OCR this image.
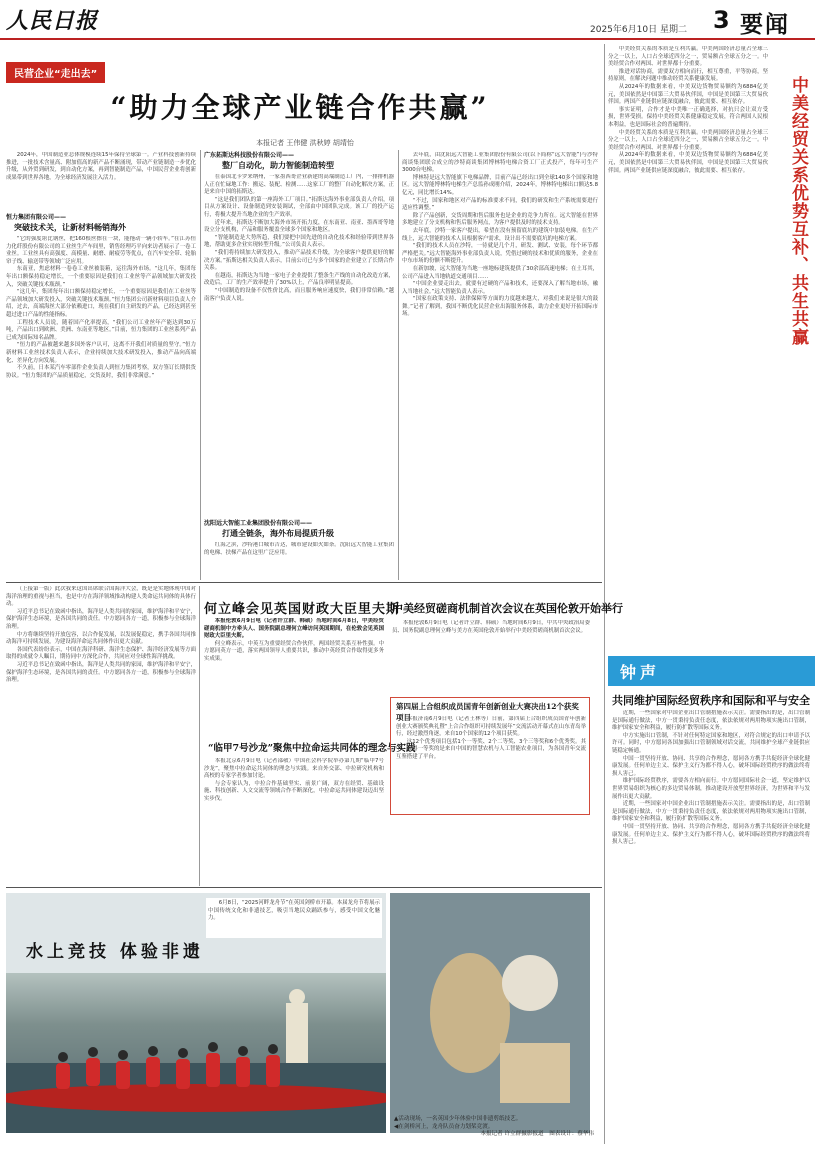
人民日报	2025年6月10日 星期二 3 要闻
民营企业“走出去”
“助力全球产业链合作共赢”
本报记者 王伟健 洪秋婷 胡靖怡

2024年，中国制造业总体规模连续15年保持全球第一。产业科技创新持续推进，一批技术含量高、附加值高的新产品不断涌现，带动产业链制造一步优化升级，从外贸到研发，到自动化方案，再到智能制造产品，中国民营企业将创新成果带到世界各地，为全球经济发展注入活力。

恒力集团有限公司——
突破技术关，让新材料畅销海外

“它的强度堪比钢丝，把160根丝擦在一块，能拖动一辆小轿车。”在江苏恒力化纤股份有限公司的工业丝生产车间里，销售经理巧平向来访者展示了一卷工业丝。工业丝具有高强度、高模量、耐磨、耐疲劳等优点，在汽车安全带、轮胎帘子线、输送带等领域广泛应用。

东南亚，焦虑材料一卷卷工业丝被装箱，运往海外市场。“这几年，集团每年出口额保持稳定增长，一个重要原因是我们在工业丝等产品领域加大研发投入，突破关键技术瓶颈。”

“这几年，集团每年出口额保持稳定增长，一个重要原因是我们在工业丝等产品领域加大研发投入，突破关键技术瓶颈。”恒力集团公司新材料项目负责人介绍，过去，高端海丝大部分依赖进口，现在我们自主研发的产品，已经达到甚至超过进口产品的性能指标。

工程技术人员说，随着国产化率提高，“我们公司工业丝年产能达到30万吨，产品出口到欧洲、美洲、东南亚等地区。”目前，恒力集团的工业丝系列产品已成为国际知名品牌。

“恒力的产品被越来越多国外客户认可，这离不开我们对质量的坚守。”恒力新材料工业丝技术负责人表示，企业持续加大技术研发投入，推动产品向高端化、差异化方向发展。

不久前，日本某汽车零部件企业负责人到恒力集团考察，双方签订长期供货协议。“恒力集团的产品质量稳定，交货及时，我们非常满意。”

广东拓斯达科技股份有限公司——
整厂自动化，助力智能制造转型

在泰国北卡罗来纳州，一家墨西哥企业新建的高端制造工厂内，一排排机器人正在忙碌地工作：搬运、装配、检测……这家工厂的整厂自动化解决方案，正是来自中国的拓斯达。

“这是我们团队的第一座海外工厂项目。”拓斯达海外事业部负责人介绍，项目从方案设计、设备制造到安装调试，全部由中国团队完成。该工厂的投产运行，将极大提升当地企业的生产效率。

近年来，拓斯达不断加大海外市场开拓力度，在东南亚、南亚、墨西哥等地设立分支机构，产品和服务覆盖全球多个国家和地区。

“智能制造是大势所趋，我们要把中国先进的自动化技术和经验带到世界各地，帮助更多企业实现转型升级。”公司负责人表示。

“我们将持续加大研发投入，推动产品技术升级，为全球客户提供更好的解决方案。”拓斯达相关负责人表示，目前公司已与多个国家的企业建立了长期合作关系。

在越南，拓斯达为当地一家电子企业提供了整条生产线的自动化改造方案，改造后，工厂的生产效率提升了30%以上，产品良率明显提高。

“中国制造的设备不仅性价比高，而且服务响应速度快，我们非常信赖。”越南客户负责人说。

沈阳远大智能工业集团股份有限公司——
打通全链条，海外布局提质升级

红海之滨，沙特港口城市吉达，城市建设如火如荼。沈阳远大智能工业集团的电梯、扶梯产品在这里广泛应用。

去年底，由沈阳远大智能工业集团股份有限公司(以下简称“远大智能”)与沙特商谈集团联合成立的沙特商谈集团博林特电梯合资工厂正式投产，每年可生产3000台电梯。

博林特是远大智能旗下电梯品牌，目前产品已经出口到全球140多个国家和地区。远大智能博林特电梯生产总监孙成刚介绍，2024年，博林特电梯出口额达5.8亿元，同比增长14%。

“不过，国家和地区对产品的标准要求不同，我们的研发和生产系统需要进行适应性调整。”

除了产品创新，交货周期和售后服务也是企业的竞争力所在。远大智能在世界多地建立了分支机构和售后服务网点，为客户提供及时的技术支持。

去年底，沙特一家客户提出，希望在没有预留底坑的建筑中加装电梯。在生产线上，远大智能的技术人员根据客户需求，设计出不需要底坑的电梯方案。

“我们的技术人员在沙特，一待就是几个月，研发、测试、安装，每个环节都严格把关。”远大智能海外事业部负责人说，凭借过硬的技术和优质的服务，企业在中东市场的份额不断提升。

在新加坡，远大智能为当地一座地标建筑提供了30余部高速电梯；在土耳其，公司产品进入当地轨道交通项目……

“中国企业要走出去，就要有过硬的产品和技术，还要深入了解当地市场，融入当地社会。”远大智能负责人表示。

“国家在政策支持、法律保障等方面的力度越来越大，对我们来说是很大的鼓舞。”记者了解到，我国不断优化民营企业出海服务体系，助力企业更好开拓国际市场。

中美经贸关系的本质是互利共赢。中美两国经济总量占全球三分之一以上，人口占全球近四分之一，贸易额占全球五分之一。中美经贸合作对两国、对世界都十分重要。

推进对话协商，需要双方相向而行，相互尊重，平等协商，坚持原则，在解决问题中推动经贸关系健康发展。

从2024年的数据来看，中美双边货物贸易额约为6884亿美元，美国依然是中国第三大贸易伙伴国，中国是美国第三大贸易伙伴国。两国产业链供应链深度融合，彼此需要、相互依存。

事实证明，合作才是中美唯一正确选择，对抗只会让双方受损，世界受损。保持中美经贸关系健康稳定发展，符合两国人民根本利益，也是国际社会的普遍期待。

中美经贸关系的本质是互利共赢。中美两国经济总量占全球三分之一以上，人口占全球近四分之一，贸易额占全球五分之一。中美经贸合作对两国、对世界都十分重要。

从2024年的数据来看，中美双边货物贸易额约为6884亿美元，美国依然是中国第三大贸易伙伴国，中国是美国第三大贸易伙伴国。两国产业链供应链深度融合，彼此需要、相互依存。	中美经贸关系优势互补、共生共赢

（上接第一版）此次我来这国出席联合国海洋大会，既是是实地体现中国对海洋治理的重视与担当，也是中方在海洋领域推动构建人类命运共同体的具体行动。

习近平总书记在致函中指出，海洋是人类共同的家园，维护海洋和平安宁，保护海洋生态环境，是各国共同的责任。中方愿同各方一道，积极参与全球海洋治理。

中方将继续坚持开放包容，以合作促发展，以发展促稳定，携手各国共同推动海洋可持续发展，为建设海洋命运共同体作出更大贡献。

各国代表纷纷表示，中国在海洋科研、海洋生态保护、海洋经济发展等方面取得的成就令人瞩目，期待同中方深化合作，共同应对全球性海洋挑战。

习近平总书记在致函中指出，海洋是人类共同的家园，维护海洋和平安宁，保护海洋生态环境，是各国共同的责任。中方愿同各方一道，积极参与全球海洋治理。

何立峰会见英国财政大臣里夫斯

本报伦敦6月9日电（记者许立群、韩硕）当地时间6月8日，中美经贸磋商机制中方牵头人、国务院副总理何立峰访问英国期间，在伦敦会见英国财政大臣里夫斯。

何立峰表示，中英互为重要经贸合作伙伴，两国经贸关系互补性强。中方愿同英方一道，落实两国领导人重要共识，推动中英经贸合作取得更多务实成果。

中美经贸磋商机制首次会议在英国伦敦开始举行

本报伦敦6月9日电（记者许立群、韩硕）当地时间6月9日，中共中央政治局委员、国务院副总理何立峰与美方在英国伦敦开始举行中美经贸磋商机制首次会议。

“临甲7号沙龙”聚焦中拉命运共同体的理念与实践

本报北京6月9日电（记者邵敬）中国社会科学院举办第九期“临甲7号沙龙”，聚焦中拉命运共同体的理念与实践。来自外交部、中拉研究机构和高校的专家学者参加讨论。

与会专家认为，中拉合作基础坚实、前景广阔，双方在经贸、基础设施、科技创新、人文交流等领域合作不断深化，中拉命运共同体建设迈出坚实步伐。

第四届上合组织成员国青年创新创业大赛决出12个获奖项目

本报济南6月9日电（记者王林等）日前，第四届上合组织成员国青年创新创业大赛颁奖典礼暨“上合合作组织可持续发展年”交流活动开幕式在山东青岛举行，经过激烈角逐，来自10个国家的12个项目获奖。

这12个优秀项目包括1个一等奖、2个二等奖、3个三等奖和6个优秀奖。其中，获得一等奖的是来自中国的智慧农机与人工智能农业项目，为各国青年交流互鉴搭建了平台。

钟声
共同维护国际经贸秩序和国际和平与安全

近期，一些国家对中国企业出口管制措施表示关注。需要指出的是，出口管制是国际通行做法，中方一贯秉持负责任态度，依法依规对两用物项实施出口管制，维护国家安全和利益，履行防扩散等国际义务。

中方实施出口管制，不针对任何特定国家和地区，对符合规定的出口申请予以许可。同时，中方愿同各国加强出口管制领域对话交流，共同维护全球产业链供应链稳定畅通。

中国一贯坚持开放、协同、共享的合作理念，愿同各方携手共促经济全球化健康发展。任何单边主义、保护主义行为都不得人心，破坏国际经贸秩序的做法终将损人害己。

维护国际经贸秩序，需要各方相向而行。中方愿同国际社会一道，坚定维护以世界贸易组织为核心的多边贸易体制，推动建设开放型世界经济，为世界和平与发展作出更大贡献。

近期，一些国家对中国企业出口管制措施表示关注。需要指出的是，出口管制是国际通行做法，中方一贯秉持负责任态度，依法依规对两用物项实施出口管制，维护国家安全和利益，履行防扩散等国际义务。

中国一贯坚持开放、协同、共享的合作理念，愿同各方携手共促经济全球化健康发展。任何单边主义、保护主义行为都不得人心，破坏国际经贸秩序的做法终将损人害己。

水上竞技 体验非遗

6月8日，“2025河畔龙舟节”在英国剑桥市开幕。本届龙舟节将展示中国传统文化和非遗技艺，吸引当地民众踊跃参与，感受中国文化魅力。

▲活动现场，一名英国少年体验中国非遗剪纸技艺。
◀在剑桥河上，龙舟队员奋力划桨竞渡。
本报记者 许立群摄影报道　图表设计：蔡华伟
